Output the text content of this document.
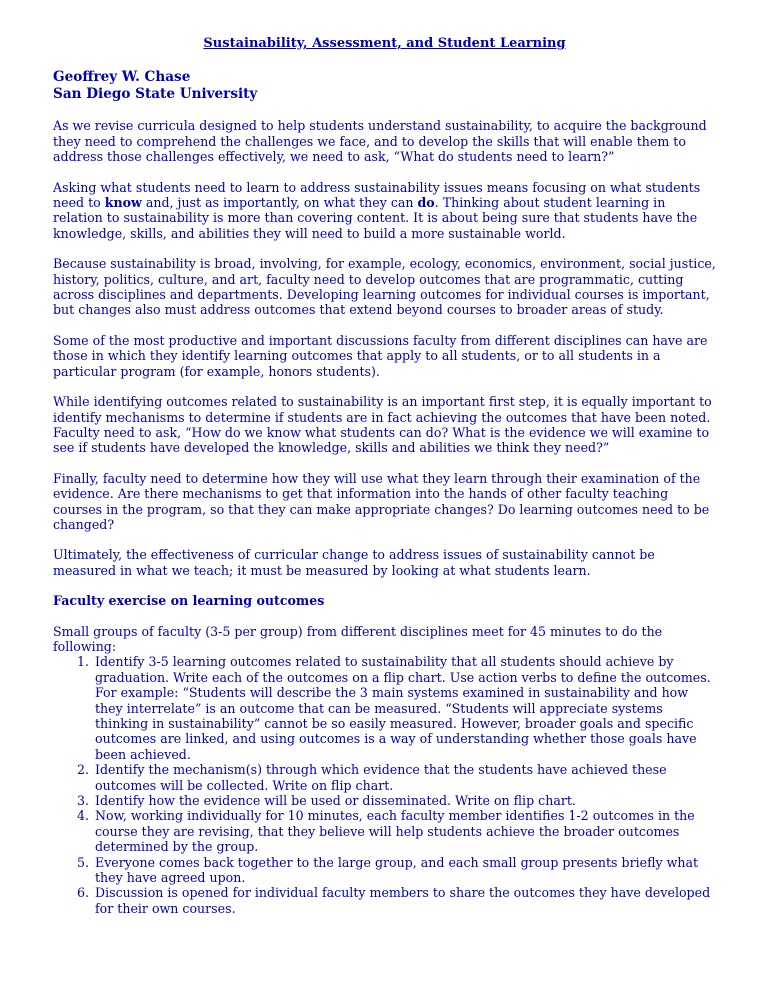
Sustainability, Assessment, and Student Learning
Geoffrey W. Chase
San Diego State University

As we revise curricula designed to help students understand sustainability, to acquire the background they need to comprehend the challenges we face, and to develop the skills that will enable them to address those challenges effectively, we need to ask, “What do students need to learn?”

Asking what students need to learn to address sustainability issues means focusing on what students need to know and, just as importantly, on what they can do. Thinking about student learning in relation to sustainability is more than covering content. It is about being sure that students have the knowledge, skills, and abilities they will need to build a more sustainable world.

Because sustainability is broad, involving, for example, ecology, economics, environment, social justice, history, politics, culture, and art, faculty need to develop outcomes that are programmatic, cutting across disciplines and departments. Developing learning outcomes for individual courses is important, but changes also must address outcomes that extend beyond courses to broader areas of study.

Some of the most productive and important discussions faculty from different disciplines can have are those in which they identify learning outcomes that apply to all students, or to all students in a particular program (for example, honors students).

While identifying outcomes related to sustainability is an important first step, it is equally important to identify mechanisms to determine if students are in fact achieving the outcomes that have been noted. Faculty need to ask, “How do we know what students can do? What is the evidence we will examine to see if students have developed the knowledge, skills and abilities we think they need?”

Finally, faculty need to determine how they will use what they learn through their examination of the evidence. Are there mechanisms to get that information into the hands of other faculty teaching courses in the program, so that they can make appropriate changes? Do learning outcomes need to be changed?

Ultimately, the effectiveness of curricular change to address issues of sustainability cannot be measured in what we teach; it must be measured by looking at what students learn.

Faculty exercise on learning outcomes
Small groups of faculty (3-5 per group) from different disciplines meet for 45 minutes to do the following:
1. Identify 3-5 learning outcomes related to sustainability that all students should achieve by graduation. Write each of the outcomes on a flip chart. Use action verbs to define the outcomes. For example: “Students will describe the 3 main systems examined in sustainability and how they interrelate” is an outcome that can be measured. “Students will appreciate systems thinking in sustainability” cannot be so easily measured. However, broader goals and specific outcomes are linked, and using outcomes is a way of understanding whether those goals have been achieved.
2. Identify the mechanism(s) through which evidence that the students have achieved these outcomes will be collected. Write on flip chart.
3. Identify how the evidence will be used or disseminated. Write on flip chart.
4. Now, working individually for 10 minutes, each faculty member identifies 1-2 outcomes in the course they are revising, that they believe will help students achieve the broader outcomes determined by the group.
5. Everyone comes back together to the large group, and each small group presents briefly what they have agreed upon.
6. Discussion is opened for individual faculty members to share the outcomes they have developed for their own courses.
